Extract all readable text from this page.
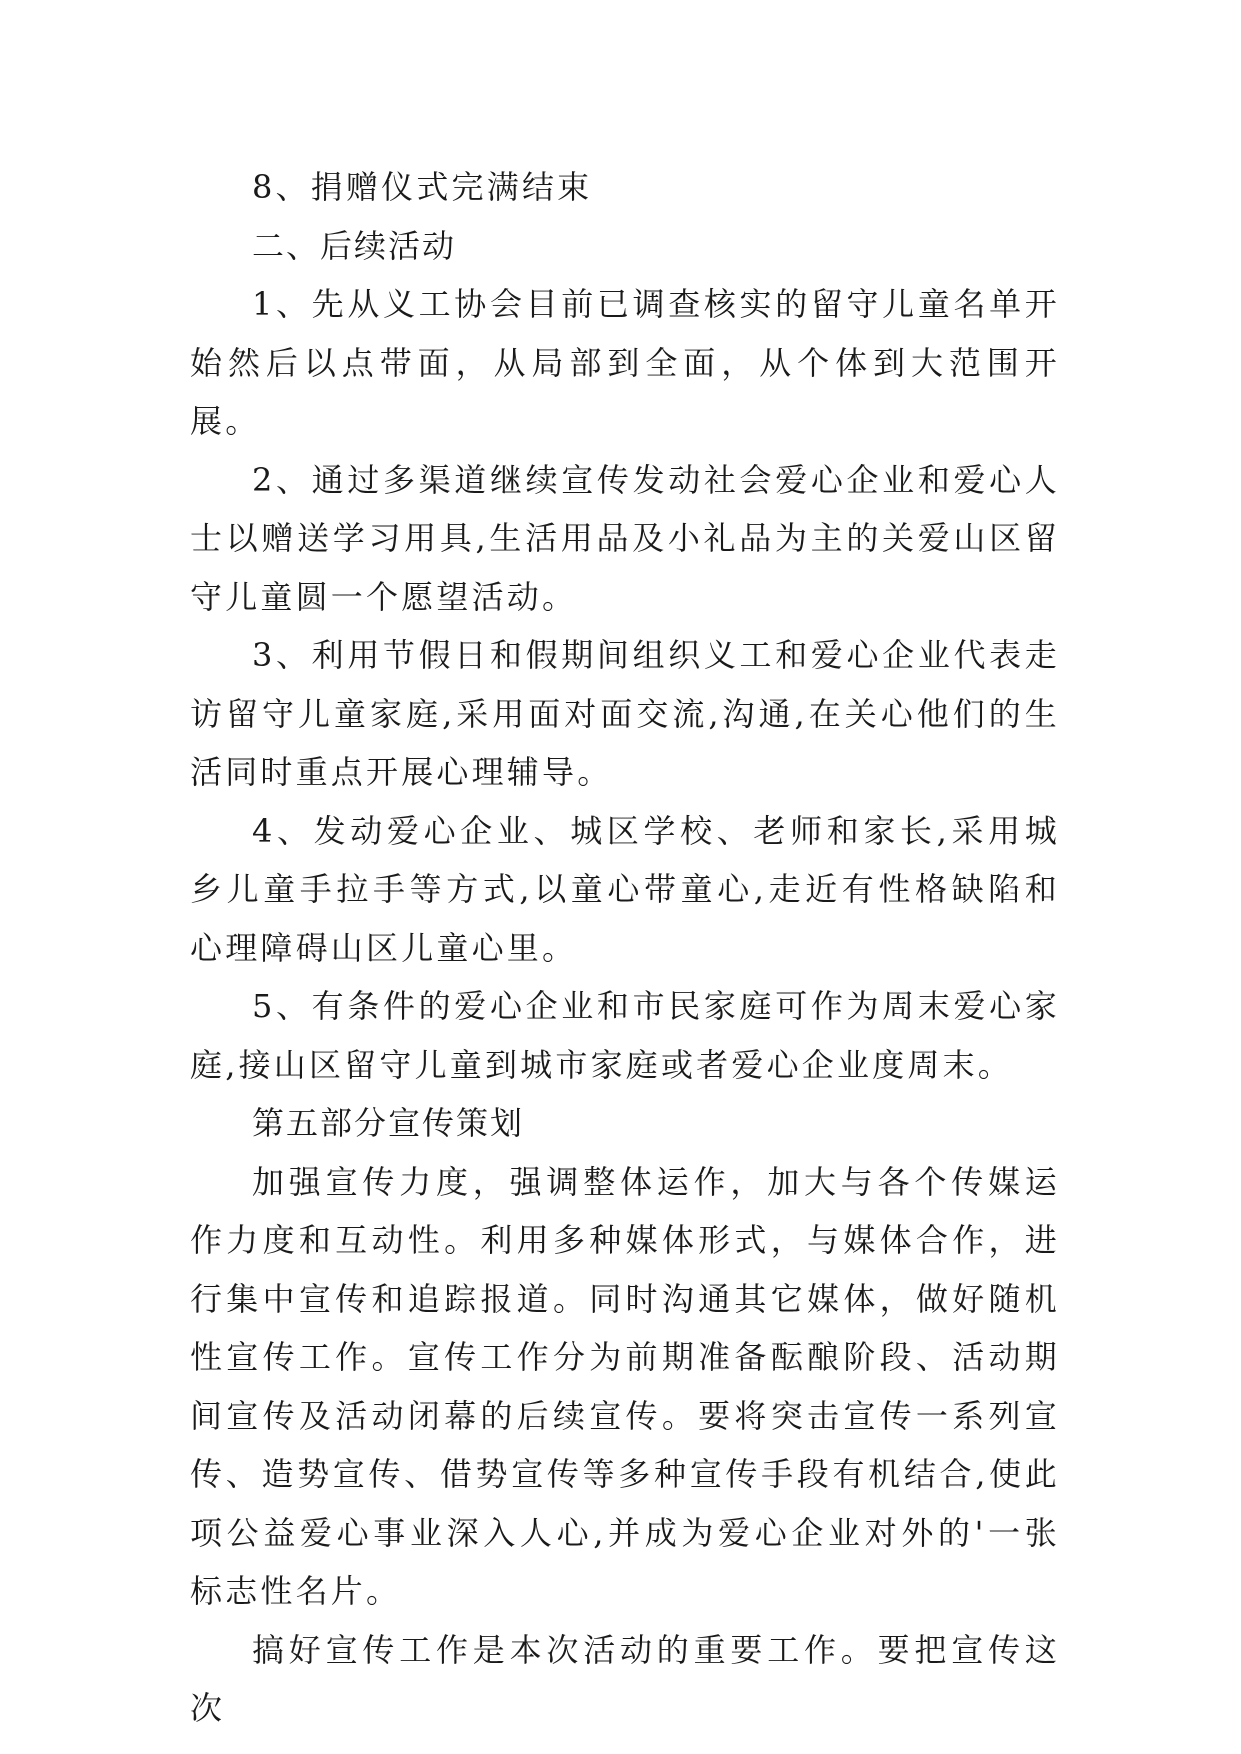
8、捐赠仪式完满结束

二、后续活动

1、先从义工协会目前已调查核实的留守儿童名单开始然后以点带面，从局部到全面，从个体到大范围开展。

2、通过多渠道继续宣传发动社会爱心企业和爱心人士以赠送学习用具,生活用品及小礼品为主的关爱山区留守儿童圆一个愿望活动。

3、利用节假日和假期间组织义工和爱心企业代表走访留守儿童家庭,采用面对面交流,沟通,在关心他们的生活同时重点开展心理辅导。

4、发动爱心企业、城区学校、老师和家长,采用城乡儿童手拉手等方式,以童心带童心,走近有性格缺陷和心理障碍山区儿童心里。

5、有条件的爱心企业和市民家庭可作为周末爱心家庭,接山区留守儿童到城市家庭或者爱心企业度周末。

第五部分宣传策划

加强宣传力度，强调整体运作，加大与各个传媒运作力度和互动性。利用多种媒体形式，与媒体合作，进行集中宣传和追踪报道。同时沟通其它媒体，做好随机性宣传工作。宣传工作分为前期准备酝酿阶段、活动期间宣传及活动闭幕的后续宣传。要将突击宣传一系列宣传、造势宣传、借势宣传等多种宣传手段有机结合,使此项公益爱心事业深入人心,并成为爱心企业对外的'一张标志性名片。

搞好宣传工作是本次活动的重要工作。要把宣传这次
